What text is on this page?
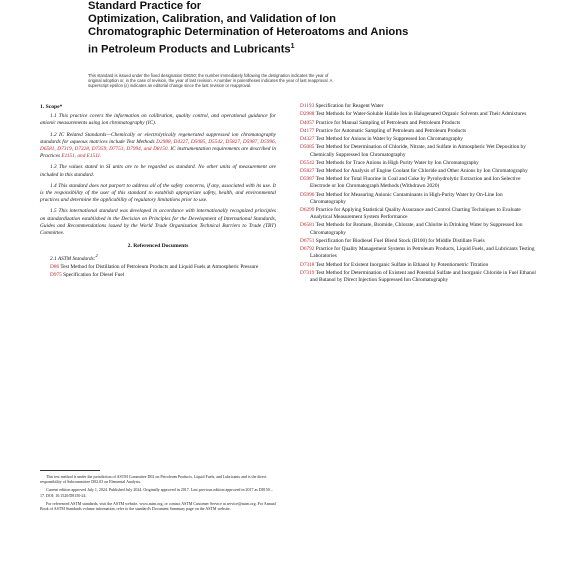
Standard Practice for
Optimization, Calibration, and Validation of Ion
Chromatographic Determination of Heteroatoms and Anions
in Petroleum Products and Lubricants$^1$
This standard is issued under the fixed designation D8150; the number immediately following the designation indicates the year of
original adoption or, in the case of revision, the year of last revision. A number in parentheses indicates the year of last reapproval. A
superscript epsilon (ε) indicates an editorial change since the last revision or reapproval.

1. Scope*

1.1 This practice covers the information on calibration, quality control, and operational guidance for anionic measurements using ion chromatography (IC).

1.2 IC Related Standards—Chemically or electrolytically regenerated suppressed ion chromatography standards for aqueous matrices include Test Methods D2988, D4327, D5085, D5542, D5827, D5987, D5996, D6581, D7319, D7328, D7359, D7751, D7994, and D8150. IC instrumentation requirements are described in Practices E1151, and E1511.

1.3 The values stated in SI units are to be regarded as standard. No other units of measurement are included in this standard.

1.4 This standard does not purport to address all of the safety concerns, if any, associated with its use. It is the responsibility of the user of this standard to establish appropriate safety, health, and environmental practices and determine the applicability of regulatory limitations prior to use.

1.5 This international standard was developed in accordance with internationally recognized principles on standardization established in the Decision on Principles for the Development of International Standards, Guides and Recommendations issued by the World Trade Organization Technical Barriers to Trade (TBT) Committee.

2. Referenced Documents

2.1 ASTM Standards:$^2$

D86 Test Method for Distillation of Petroleum Products and Liquid Fuels at Atmospheric Pressure

D975 Specification for Diesel Fuel

D1193 Specification for Reagent Water

D2988 Test Methods for Water-Soluble Halide Ion in Halogenated Organic Solvents and Their Admixtures

D4057 Practice for Manual Sampling of Petroleum and Petroleum Products

D4177 Practice for Automatic Sampling of Petroleum and Petroleum Products

D4327 Test Method for Anions in Water by Suppressed Ion Chromatography

D5085 Test Method for Determination of Chloride, Nitrate, and Sulfate in Atmospheric Wet Deposition by Chemically Suppressed Ion Chromatography

D5542 Test Methods for Trace Anions in High Purity Water by Ion Chromatography

D5827 Test Method for Analysis of Engine Coolant for Chloride and Other Anions by Ion Chromatography

D5987 Test Method for Total Fluorine in Coal and Coke by Pyrohydrolytic Extraction and Ion Selective Electrode or Ion Chromatograph Methods (Withdrawn 2020)

D5996 Test Method for Measuring Anionic Contaminants in High-Purity Water by On-Line Ion Chromatography

D6299 Practice for Applying Statistical Quality Assurance and Control Charting Techniques to Evaluate Analytical Measurement System Performance

D6581 Test Methods for Bromate, Bromide, Chlorate, and Chlorite in Drinking Water by Suppressed Ion Chromatography

D6751 Specification for Biodiesel Fuel Blend Stock (B100) for Middle Distillate Fuels

D6792 Practice for Quality Management Systems in Petroleum Products, Liquid Fuels, and Lubricants Testing Laboratories

D7318 Test Method for Existent Inorganic Sulfate in Ethanol by Potentiometric Titration

D7319 Test Method for Determination of Existent and Potential Sulfate and Inorganic Chloride in Fuel Ethanol and Butanol by Direct Injection Suppressed Ion Chromatography

This test method is under the jurisdiction of ASTM Committee D02 on Petroleum Products, Liquid Fuels, and Lubricants and is the direct responsibility of Subcommittee D02.03 on Elemental Analysis.

Current edition approved July 1, 2024. Published July 2024. Originally approved in 2017. Last previous edition approved in 2017 as D8150 – 17. DOI: 10.1520/D8150-24.

For referenced ASTM standards, visit the ASTM website, www.astm.org, or contact ASTM Customer Service at service@astm.org. For Annual Book of ASTM Standards volume information, refer to the standard's Document Summary page on the ASTM website.
